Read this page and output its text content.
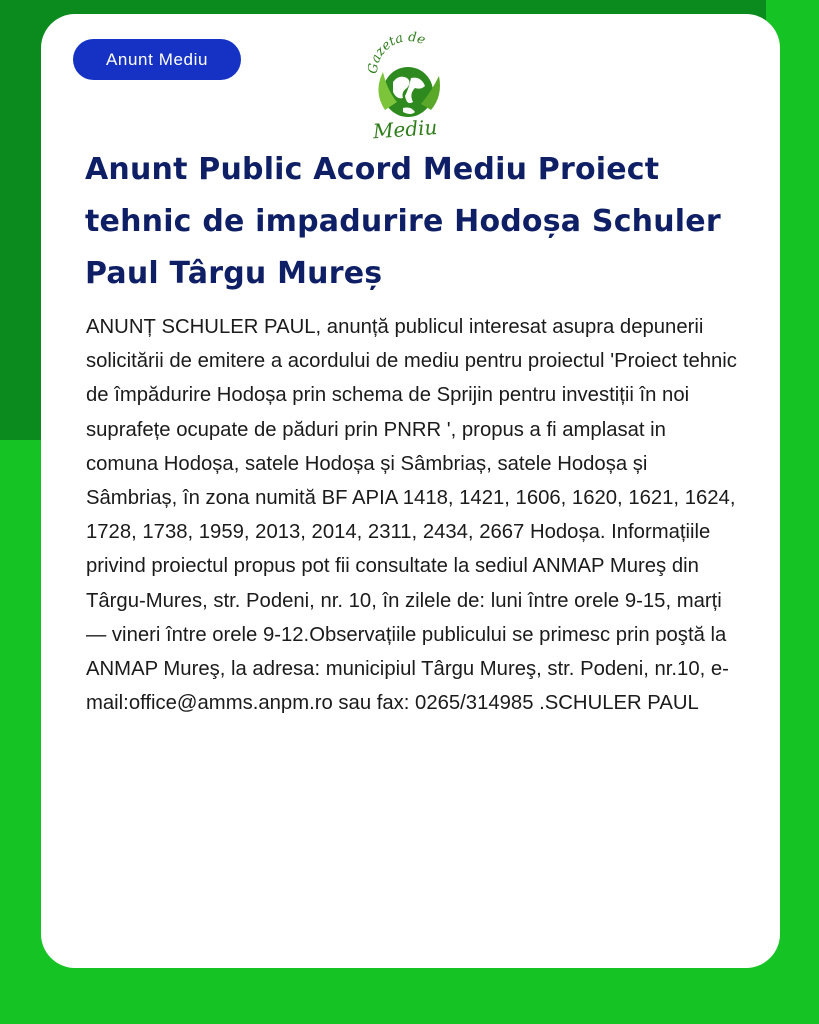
Anunt Mediu	Gazeta de
Mediu
Anunt Public Acord Mediu Proiect tehnic de impadurire Hodoșa Schuler Paul Târgu Mureș

ANUNȚ SCHULER PAUL, anunță publicul interesat asupra depunerii solicitării de emitere a acordului de mediu pentru proiectul 'Proiect tehnic de împădurire Hodoșa prin schema de Sprijin pentru investiții în noi suprafețe ocupate de păduri prin PNRR ', propus a fi amplasat in comuna Hodoșa, satele Hodoșa și Sâmbriaș, satele Hodoșa și Sâmbriaș, în zona numită BF APIA 1418, 1421, 1606, 1620, 1621, 1624, 1728, 1738, 1959, 2013, 2014, 2311, 2434, 2667 Hodoșa. Informațiile privind proiectul propus pot fii consultate la sediul ANMAP Mureş din Târgu-Mures, str. Podeni, nr. 10, în zilele de: luni între orele 9-15, marți — vineri între orele 9-12.Observațiile publicului se primesc prin poştă la ANMAP Mureş, la adresa: municipiul Târgu Mureş, str. Podeni, nr.10, e-mail:office@amms.anpm.ro sau fax: 0265/314985 .SCHULER PAUL
